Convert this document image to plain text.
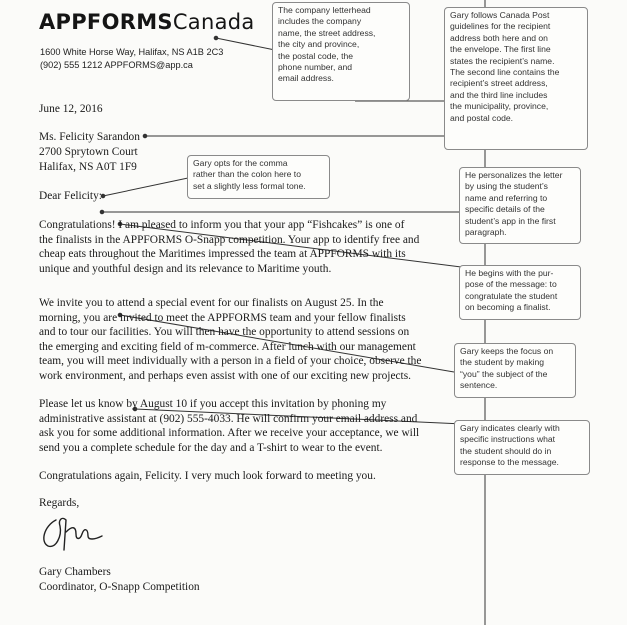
APPFORMSCanada
1600 White Horse Way, Halifax, NS A1B 2C3
(902) 555 1212 APPFORMS@app.ca
June 12, 2016
Ms. Felicity Sarandon
2700 Sprytown Court
Halifax, NS A0T 1F9
Dear Felicity:
Congratulations! I am pleased to inform you that your app “Fishcakes” is one of
the finalists in the APPFORMS O-Snapp competition. Your app to identify free and
cheap eats throughout the Maritimes impressed the team at APPFORMS with its
unique and youthful design and its relevance to Maritime youth.
We invite you to attend a special event for our finalists on August 25. In the
morning, you are invited to meet the APPFORMS team and your fellow finalists
and to tour our facilities. You will then have the opportunity to attend sessions on
the emerging and exciting field of m-commerce. After lunch with our management
team, you will meet individually with a person in a field of your choice, observe the
work environment, and perhaps even assist with one of our exciting new projects.
Please let us know by August 10 if you accept this invitation by phoning my
administrative assistant at (902) 555-4033. He will confirm your email address and
ask you for some additional information. After we receive your acceptance, we will
send you a complete schedule for the day and a T-shirt to wear to the event.
Congratulations again, Felicity. I very much look forward to meeting you.
Regards,
Gary Chambers
Coordinator, O-Snapp Competition
The company letterhead
includes the company
name, the street address,
the city and province,
the postal code, the
phone number, and
email address.
Gary follows Canada Post
guidelines for the recipient
address both here and on
the envelope. The first line
states the recipient’s name.
The second line contains the
recipient’s street address,
and the third line includes
the municipality, province,
and postal code.
Gary opts for the comma
rather than the colon here to
set a slightly less formal tone.
He personalizes the letter
by using the student’s
name and referring to
specific details of the
student’s app in the first
paragraph.
He begins with the pur-
pose of the message: to
congratulate the student
on becoming a finalist.
Gary keeps the focus on
the student by making
“you” the subject of the
sentence.
Gary indicates clearly with
specific instructions what
the student should do in
response to the message.
